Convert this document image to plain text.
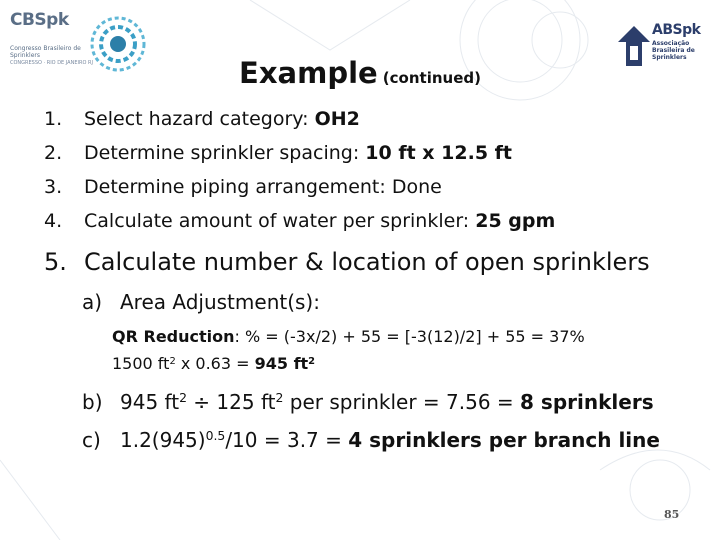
CBSpk
Congresso Brasileiro de Sprinklers
CONGRESSO · RIO DE JANEIRO RJ
ABSpk
Associação Brasileira de Sprinklers
Example (continued)
1. Select hazard category: OH2
2. Determine sprinkler spacing: 10 ft x 12.5 ft
3. Determine piping arrangement: Done
4. Calculate amount of water per sprinkler: 25 gpm
5. Calculate number & location of open sprinklers
a) Area Adjustment(s):
QR Reduction: % = (-3x/2) + 55 = [-3(12)/2] + 55 = 37%
1500 $ft^2$ x 0.63 = 945 $ft^2$
b) 945 $ft^2 \div 125$ $ft^2$ per sprinkler = 7.56 = 8 sprinklers
c) $1.2(945)^{0.5}/10 = 3.7 = 4$ sprinklers per branch line
85
